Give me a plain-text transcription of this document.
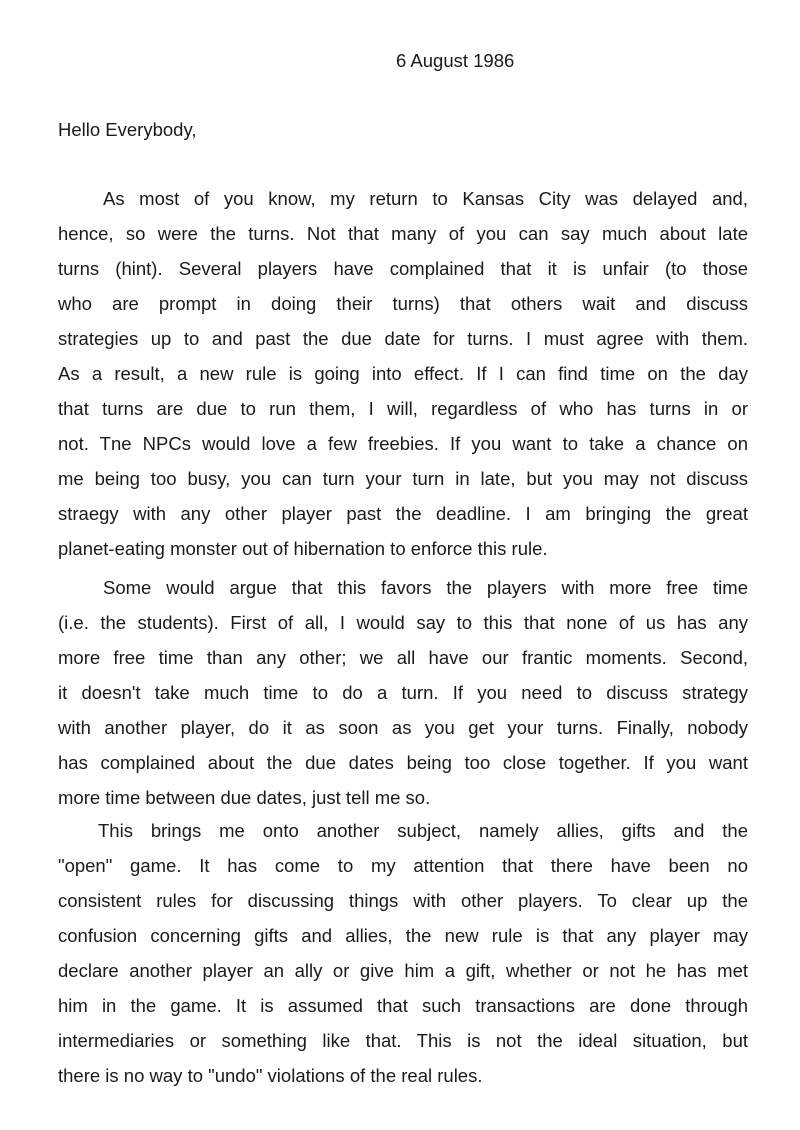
6 August 1986
Hello Everybody,
As most of you know, my return to Kansas City was delayed and,
hence, so were the turns. Not that many of you can say much about late
turns (hint). Several players have complained that it is unfair (to those
who are prompt in doing their turns) that others wait and discuss
strategies up to and past the due date for turns. I must agree with them.
As a result, a new rule is going into effect. If I can find time on the day
that turns are due to run them, I will, regardless of who has turns in or
not. Tne NPCs would love a few freebies. If you want to take a chance on
me being too busy, you can turn your turn in late, but you may not discuss
straegy with any other player past the deadline. I am bringing the great
planet-eating monster out of hibernation to enforce this rule.
Some would argue that this favors the players with more free time
(i.e. the students). First of all, I would say to this that none of us has any
more free time than any other; we all have our frantic moments. Second,
it doesn't take much time to do a turn. If you need to discuss strategy
with another player, do it as soon as you get your turns. Finally, nobody
has complained about the due dates being too close together. If you want
more time between due dates, just tell me so.
This brings me onto another subject, namely allies, gifts and the
"open" game. It has come to my attention that there have been no
consistent rules for discussing things with other players. To clear up the
confusion concerning gifts and allies, the new rule is that any player may
declare another player an ally or give him a gift, whether or not he has met
him in the game. It is assumed that such transactions are done through
intermediaries or something like that. This is not the ideal situation, but
there is no way to "undo" violations of the real rules.
